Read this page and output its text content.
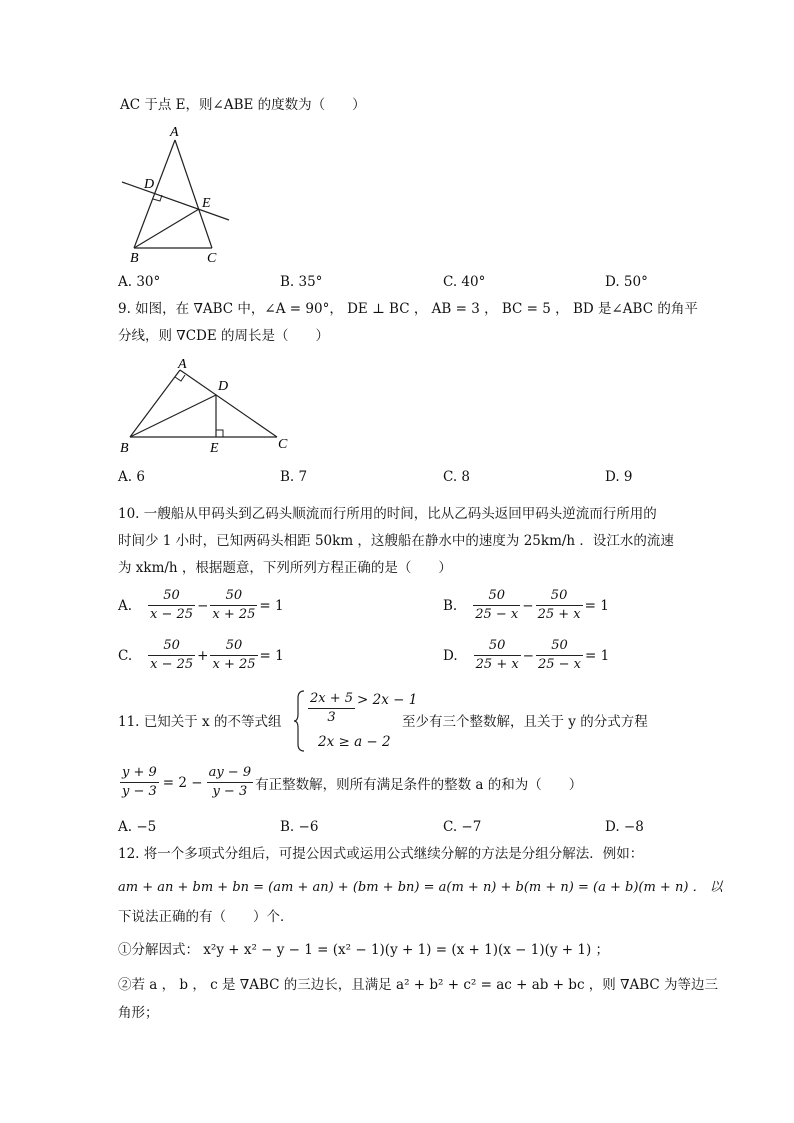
AC 于点 E，则∠ABE 的度数为（　　）
A
D
E
B	C
A. 30°	B. 35°	C. 40°	D. 50°
9. 如图，在 ∇ABC 中，∠A = 90°， DE ⊥ BC ， AB = 3 ， BC = 5 ， BD 是∠ABC 的角平
分线，则 ∇CDE 的周长是（　　）
A
D
B	E	C
A. 6	B. 7	C. 8	D. 9
10. 一艘船从甲码头到乙码头顺流而行所用的时间，比从乙码头返回甲码头逆流而行所用的
时间少 1 小时，已知两码头相距 50km ，这艘船在静水中的速度为 25km/h ．设江水的流速
为 xkm/h ，根据题意，下列所列方程正确的是（　　）
A. $\frac{50}{x - 25} - \frac{50}{x + 25} = 1$	B. $\frac{50}{25 - x} - \frac{50}{25 + x} = 1$
C. $\frac{50}{x - 25} + \frac{50}{x + 25} = 1$	D. $\frac{50}{25 + x} - \frac{50}{25 - x} = 1$
11. 已知关于 x 的不等式组 $\frac{2x + 5}{3} > 2x - 1$
2x ≥ a − 2
至少有三个整数解，且关于 y 的分式方程
$\frac{y + 9}{y - 3} = 2 - \frac{ay - 9}{y - 3}$ 有正整数解，则所有满足条件的整数 a 的和为（　　）
A. −5	B. −6	C. −7	D. −8
12. 将一个多项式分组后，可提公因式或运用公式继续分解的方法是分组分解法．例如：
am + an + bm + bn = (am + an) + (bm + bn) = a(m + n) + b(m + n) = (a + b)(m + n) ． 以
下说法正确的有（　　）个．
①分解因式： x²y + x² − y − 1 = (x² − 1)(y + 1) = (x + 1)(x − 1)(y + 1) ；
②若 a ， b ， c 是 ∇ABC 的三边长，且满足 a² + b² + c² = ac + ab + bc ，则 ∇ABC 为等边三
角形；
